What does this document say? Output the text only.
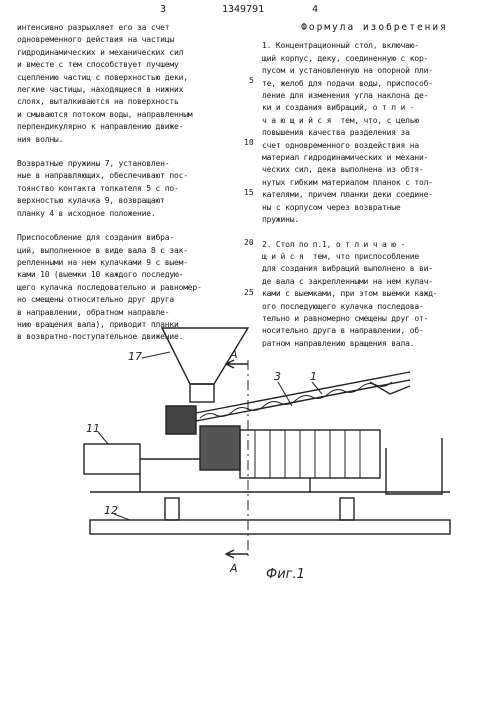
3	1349791	4
интенсивно разрыхляет его за счет
одновременного действия на частицы
гидродинамических и механических сил
и вместе с тем способствует лучшему
сцеплению частиц с поверхностью деки,
легкие частицы, находящиеся в нижних
слоях, выталкиваются на поверхность
и смываются потоком воды, направленным
перпендикулярно к направлению движе-
ния волны.
Возвратные пружины 7, установлен-
ные в направляющих, обеспечивают пос-
тоянство контакта толкателя 5 с по-
верхностью кулачка 9, возвращают
планку 4 в исходное положение.
Приспособление для создания вибра-
ций, выполненное в виде вала 8 с зак-
репленными на нем кулачками 9 с выем-
ками 10 (выемки 10 каждого последую-
щего кулачка последовательно и равномер-
но смещены относительно друг друга
в направлении, обратном направле-
нию вращения вала), приводит планки
в возвратно-поступательное движение.
Формула изобретения
1. Концентрационный стол, включаю-
щий корпус, деку, соединенную с кор-
пусом и установленную на опорной пли-
те, желоб для подачи воды, приспособ-
ление для изменения угла наклона де-
ки и создания вибраций, о т л и -
ч а ю щ и й с я  тем, что, с целью
повышения качества разделения за
счет одновременного воздействия на
материал гидродинамических и механи-
ческих сил, дека выполнена из обтя-
нутых гибким материалом планок с тол-
кателями, причем планки деки соедине-
ны с корпусом через возвратные
пружины.
2. Стол по п.1, о т л и ч а ю -
щ и й с я  тем, что приспособление
для создания вибраций выполнено в ви-
де вала с закрепленными на нем кулач-
ками с выемками, при этом выемки кажд-
ого последующего кулачка последова-
тельно и равномерно смещены друг от-
носительно друга в направлении, об-
ратном направлению вращения вала.
5
10
15
20
25
17
1
3
11
12
А
А Фиг.1
